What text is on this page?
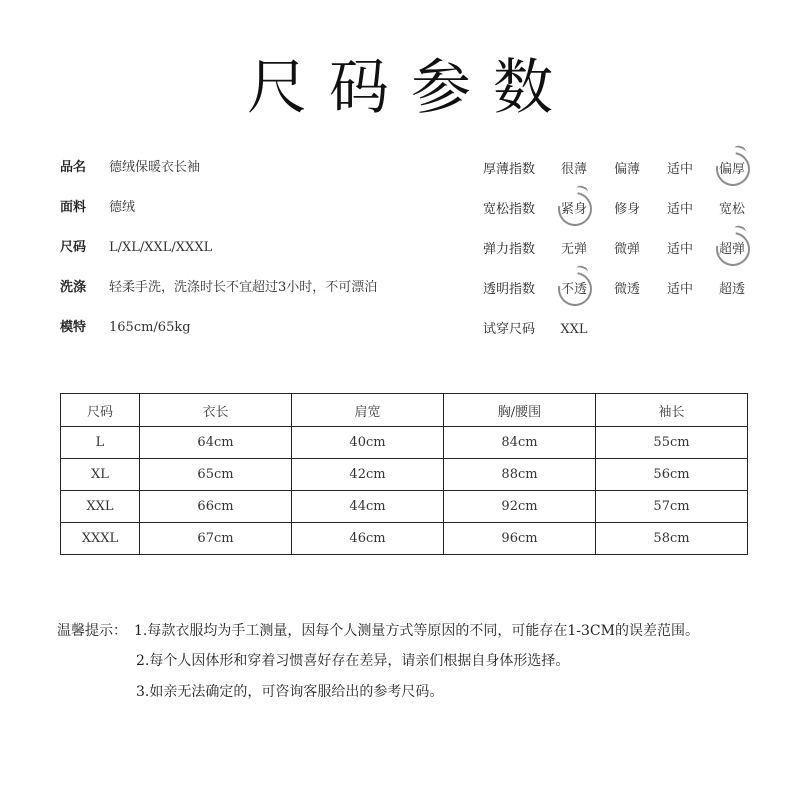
尺码参数
品名	德绒保暖衣长袖
面料	德绒
尺码	L/XL/XXL/XXXL
洗涤	轻柔手洗，洗涤时长不宜超过3小时，不可漂泊
模特	165cm/65kg
厚薄指数	很薄	偏薄	适中	偏厚
宽松指数	紧身	修身	适中	宽松
弹力指数	无弹	微弹	适中	超弹
透明指数	不透	微透	适中	超透
试穿尺码	XXL
尺码	衣长	肩宽	胸/腰围	袖长
L	64cm	40cm	84cm	55cm
XL	65cm	42cm	88cm	56cm
XXL	66cm	44cm	92cm	57cm
XXXL	67cm	46cm	96cm	58cm
温馨提示： 1.每款衣服均为手工测量，因每个人测量方式等原因的不同，可能存在1-3CM的误差范围。
2.每个人因体形和穿着习惯喜好存在差异，请亲们根据自身体形选择。
3.如亲无法确定的，可咨询客服给出的参考尺码。
